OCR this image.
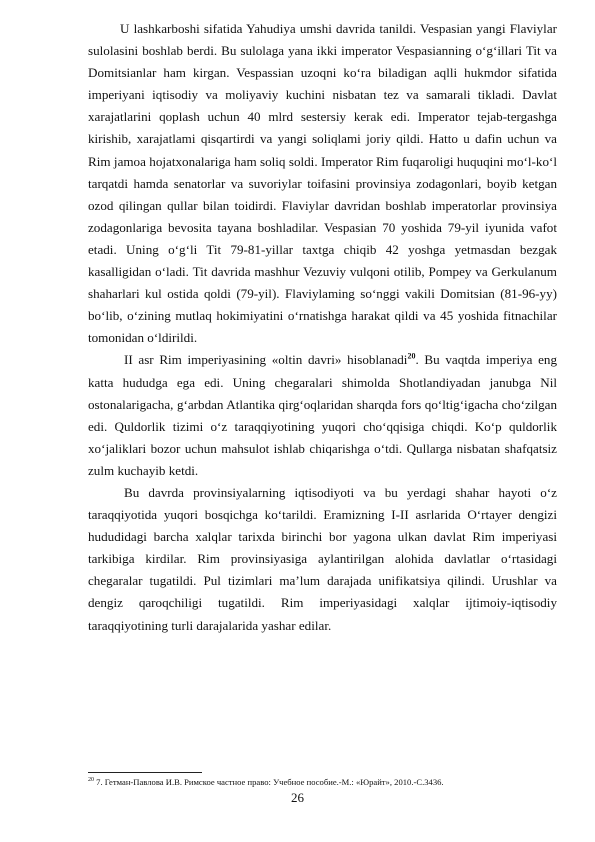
U lashkarboshi sifatida Yahudiya umshi davrida tanildi. Vespasian yangi Flaviylar sulolasini boshlab berdi. Bu sulolaga yana ikki imperator Vespasianning o‘g‘illari Tit va Domitsianlar ham kirgan. Vespassian uzoqni ko‘ra biladigan aqlli hukmdor sifatida imperiyani iqtisodiy va moliyaviy kuchini nisbatan tez va samarali tikladi. Davlat xarajatlarini qoplash uchun 40 mlrd sestersiy kerak edi. Imperator tejab-tergashga kirishib, xarajatlami qisqartirdi va yangi soliqlami joriy qildi. Hatto u dafin uchun va Rim jamoa hojatxonalariga ham soliq soldi. Imperator Rim fuqaroligi huquqini mo‘l-ko‘l tarqatdi hamda senatorlar va suvoriylar toifasini provinsiya zodagonlari, boyib ketgan ozod qilingan qullar bilan toidirdi. Flaviylar davridan boshlab imperatorlar provinsiya zodagonlariga bevosita tayana boshladilar. Vespasian 70 yoshida 79-yil iyunida vafot etadi. Uning o‘g‘li Tit 79-81-yillar taxtga chiqib 42 yoshga yetmasdan bezgak kasalligidan o‘ladi. Tit davrida mashhur Vezuviy vulqoni otilib, Pompey va Gerkulanum shaharlari kul ostida qoldi (79-yil). Flaviylaming so‘nggi vakili Domitsian (81-96-yy) bo‘lib, o‘zining mutlaq hokimiyatini o‘rnatishga harakat qildi va 45 yoshida fitnachilar tomonidan o‘ldirildi.

II asr Rim imperiyasining «oltin davri» hisoblanadi$^{20}$. Bu vaqtda imperiya eng katta hududga ega edi. Uning chegaralari shimolda Shotlandiyadan janubga Nil ostonalarigacha, g‘arbdan Atlantika qirg‘oqlaridan sharqda fors qo‘ltig‘igacha cho‘zilgan edi. Quldorlik tizimi o‘z taraqqiyotining yuqori cho‘qqisiga chiqdi. Ko‘p quldorlik xo‘jaliklari bozor uchun mahsulot ishlab chiqarishga o‘tdi. Qullarga nisbatan shafqatsiz zulm kuchayib ketdi.

Bu davrda provinsiyalarning iqtisodiyoti va bu yerdagi shahar hayoti o‘z taraqqiyotida yuqori bosqichga ko‘tarildi. Eramizning I-II asrlarida O‘rtayer dengizi hududidagi barcha xalqlar tarixda birinchi bor yagona ulkan davlat Rim imperiyasi tarkibiga kirdilar. Rim provinsiyasiga aylantirilgan alohida davlatlar o‘rtasidagi chegaralar tugatildi. Pul tizimlari ma’lum darajada unifikatsiya qilindi. Urushlar va dengiz qaroqchiligi tugatildi. Rim imperiyasidagi xalqlar ijtimoiy-iqtisodiy taraqqiyotining turli darajalarida yashar edilar.

$^{20}$ 7. Гетман-Павлова И.В. Римское частное право: Учебное пособие.-М.: «Юрайт», 2010.-С.3436.
26
